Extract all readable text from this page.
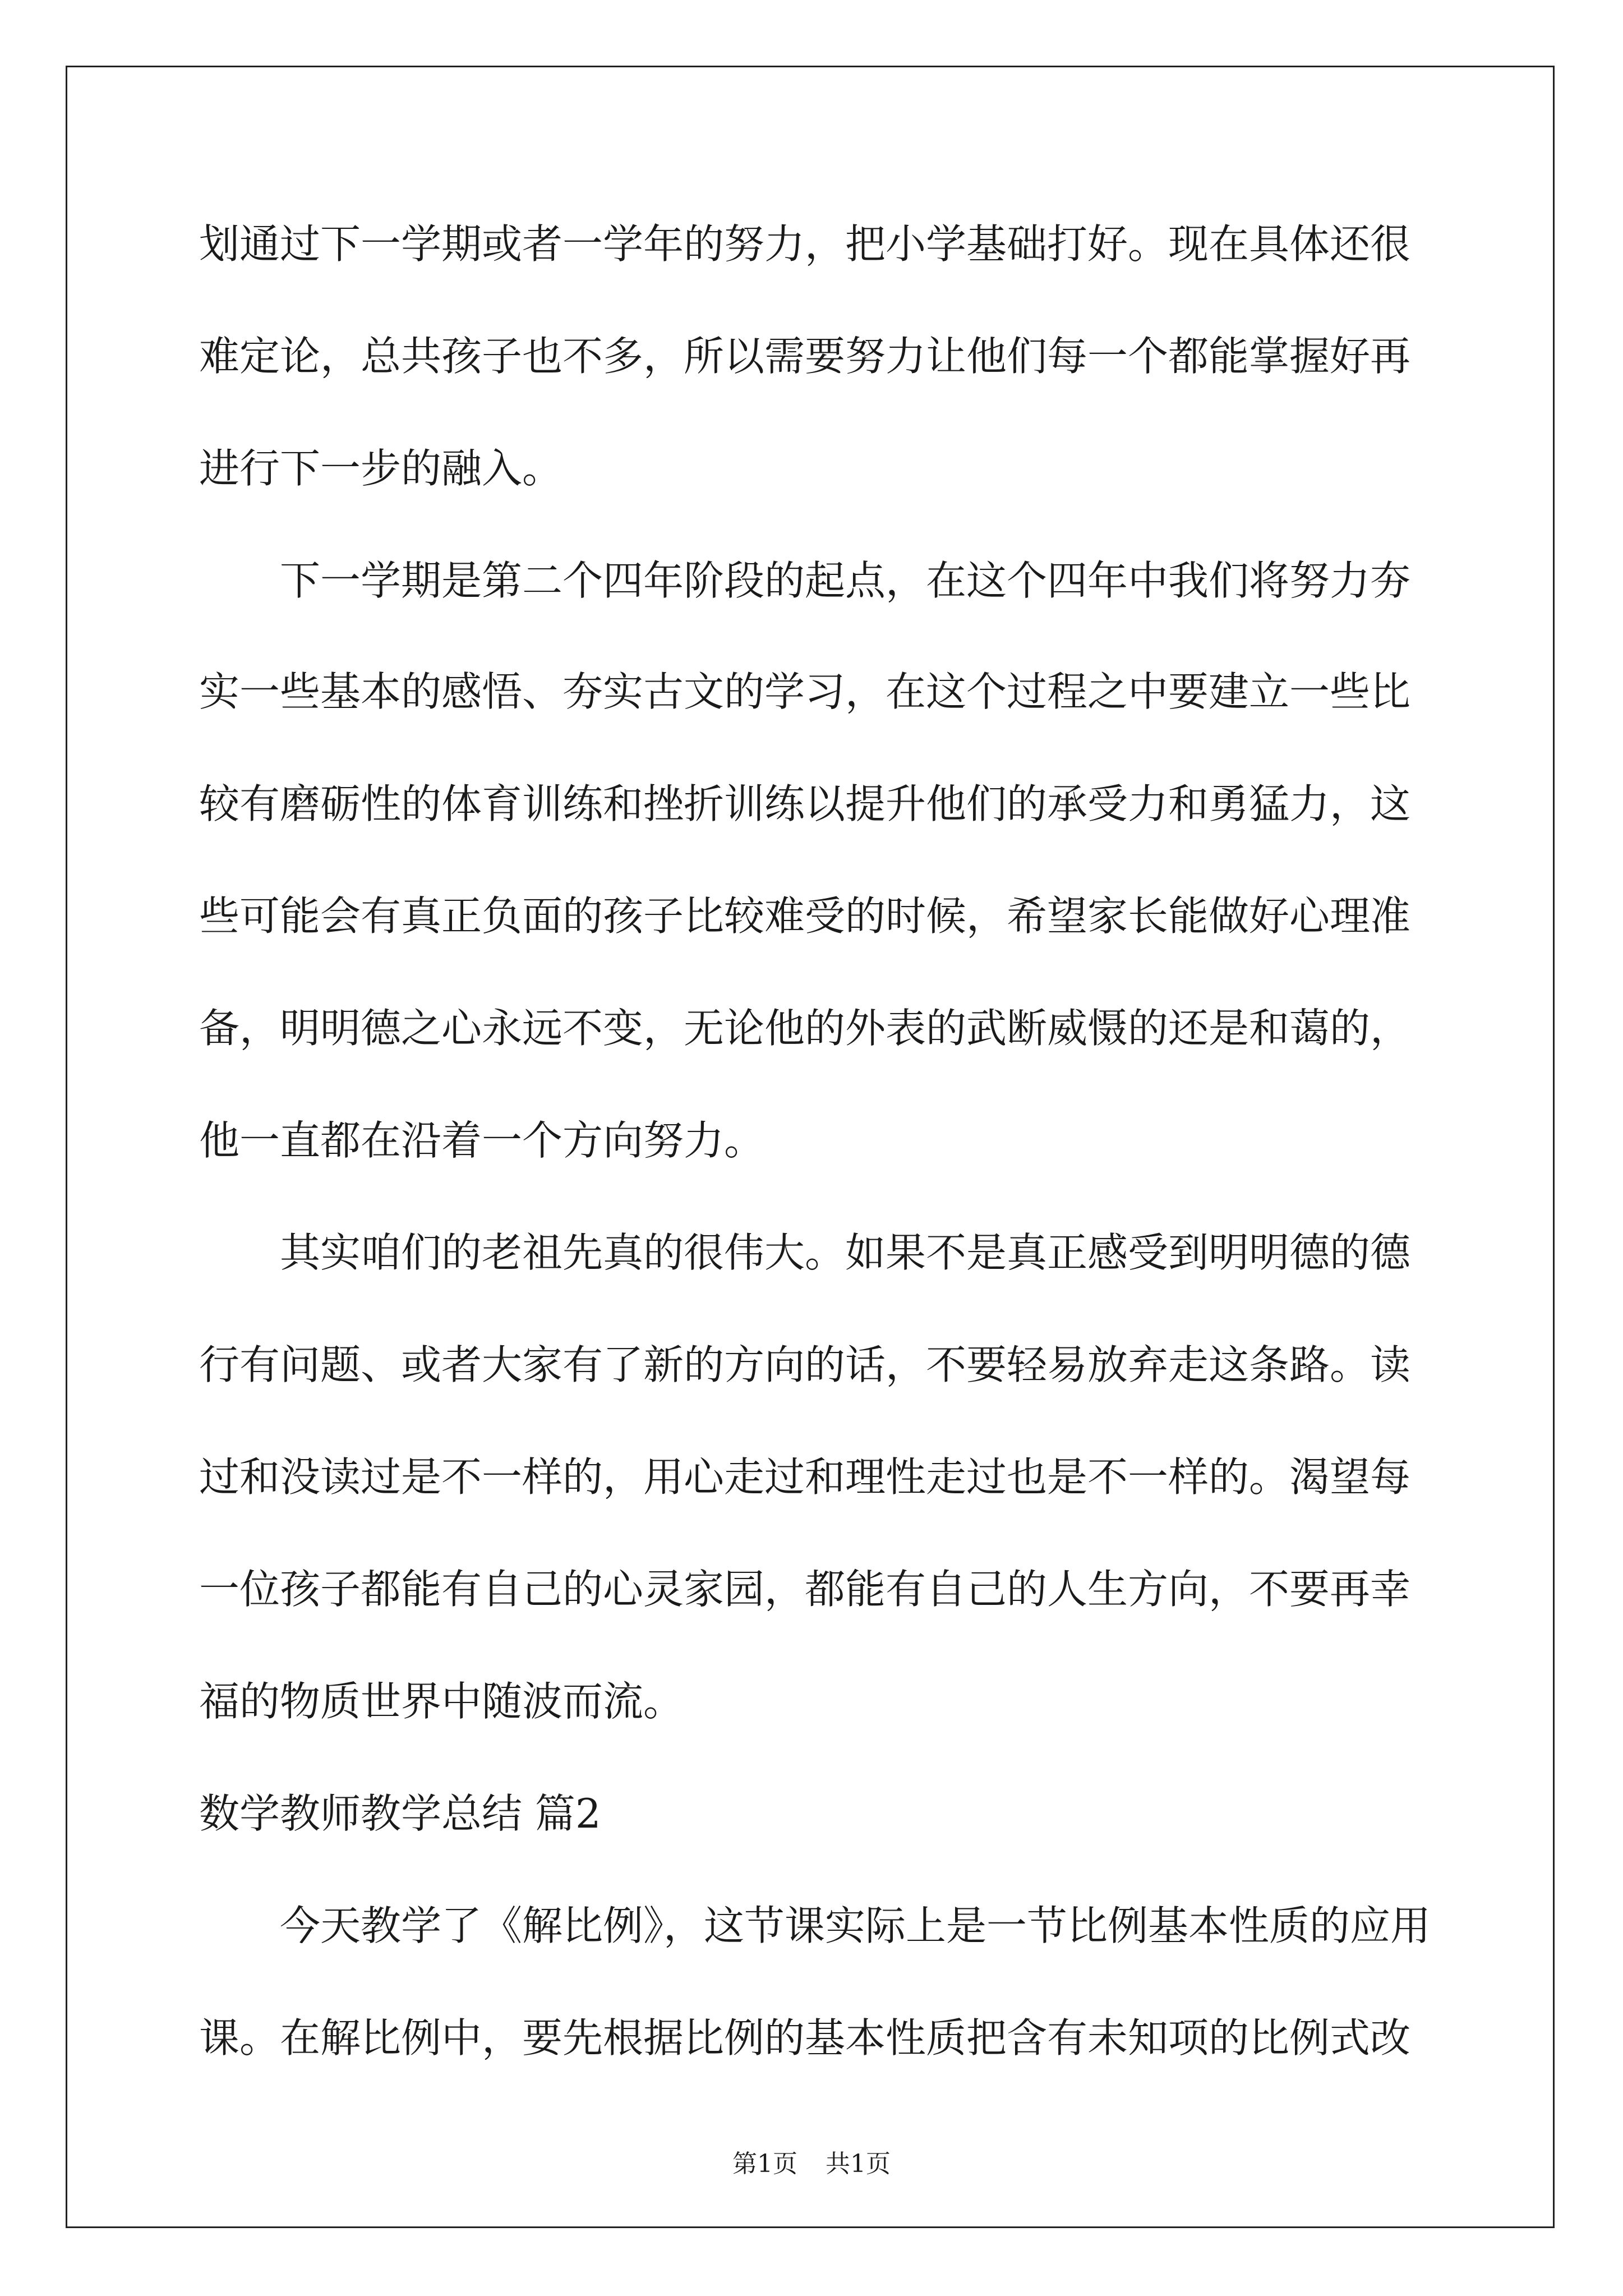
划通过下一学期或者一学年的努力，把小学基础打好。现在具体还很
难定论，总共孩子也不多，所以需要努力让他们每一个都能掌握好再
进行下一步的融入。
　　下一学期是第二个四年阶段的起点，在这个四年中我们将努力夯
实一些基本的感悟、夯实古文的学习，在这个过程之中要建立一些比
较有磨砺性的体育训练和挫折训练以提升他们的承受力和勇猛力，这
些可能会有真正负面的孩子比较难受的时候，希望家长能做好心理准
备，明明德之心永远不变，无论他的外表的武断威慑的还是和蔼的，
他一直都在沿着一个方向努力。
　　其实咱们的老祖先真的很伟大。如果不是真正感受到明明德的德
行有问题、或者大家有了新的方向的话，不要轻易放弃走这条路。读
过和没读过是不一样的，用心走过和理性走过也是不一样的。渴望每
一位孩子都能有自己的心灵家园，都能有自己的人生方向，不要再幸
福的物质世界中随波而流。
数学教师教学总结 篇2
　　今天教学了《解比例》，这节课实际上是一节比例基本性质的应用
课。在解比例中，要先根据比例的基本性质把含有未知项的比例式改
第1页 共1页
